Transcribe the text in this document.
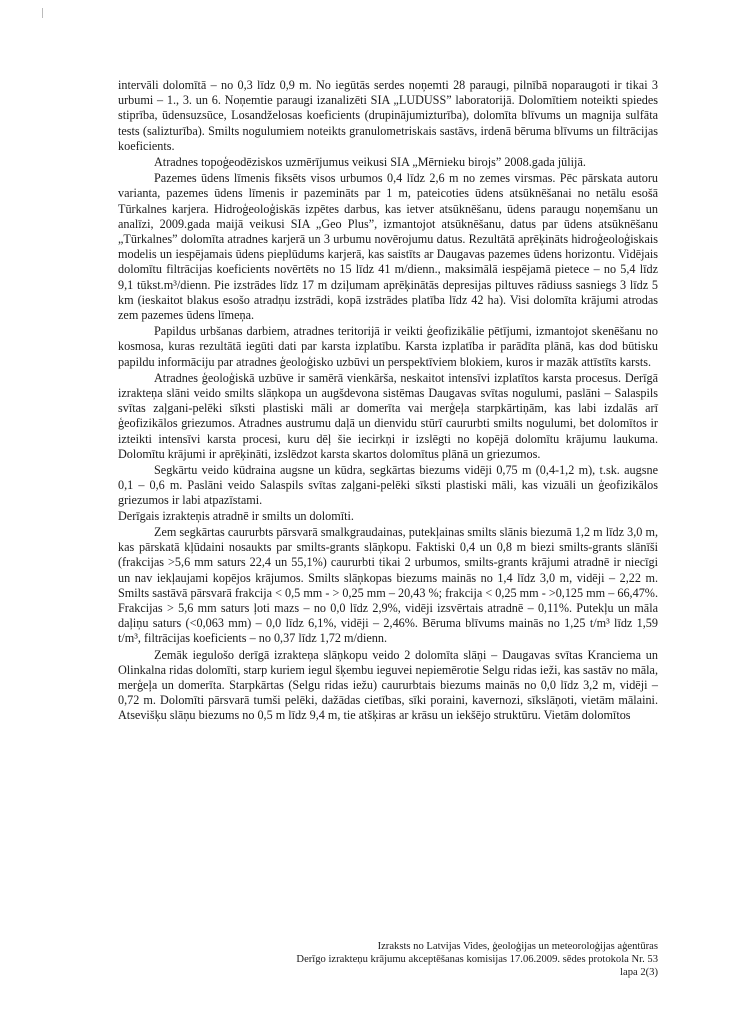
intervāli dolomītā – no 0,3 līdz 0,9 m. No iegūtās serdes noņemti 28 paraugi, pilnībā noparaugoti ir tikai 3 urbumi – 1., 3. un 6. Noņemtie paraugi izanalizēti SIA „LUDUSS” laboratorijā. Dolomītiem noteikti spiedes stiprība, ūdensuzsūce, Losandželosas koeficients (drupinājumizturība), dolomīta blīvums un magnija sulfāta tests (salizturība). Smilts nogulumiem noteikts granulometriskais sastāvs, irdenā bēruma blīvums un filtrācijas koeficients.

Atradnes topoģeodēziskos uzmērījumus veikusi SIA „Mērnieku birojs” 2008.gada jūlijā.

Pazemes ūdens līmenis fiksēts visos urbumos 0,4 līdz 2,6 m no zemes virsmas. Pēc pārskata autoru varianta, pazemes ūdens līmenis ir pazemināts par 1 m, pateicoties ūdens atsūknēšanai no netālu esošā Tūrkalnes karjera. Hidroģeoloģiskās izpētes darbus, kas ietver atsūknēšanu, ūdens paraugu noņemšanu un analīzi, 2009.gada maijā veikusi SIA „Geo Plus”, izmantojot atsūknēšanu, datus par ūdens atsūknēšanu „Tūrkalnes” dolomīta atradnes karjerā un 3 urbumu novērojumu datus. Rezultātā aprēķināts hidroģeoloģiskais modelis un iespējamais ūdens pieplūdums karjerā, kas saistīts ar Daugavas pazemes ūdens horizontu. Vidējais dolomītu filtrācijas koeficients novērtēts no 15 līdz 41 m/dienn., maksimālā iespējamā pietece – no 5,4 līdz 9,1 tūkst.m³/dienn. Pie izstrādes līdz 17 m dziļumam aprēķinātās depresijas piltuves rādiuss sasniegs 3 līdz 5 km (ieskaitot blakus esošo atradņu izstrādi, kopā izstrādes platība līdz 42 ha). Visi dolomīta krājumi atrodas zem pazemes ūdens līmeņa.

Papildus urbšanas darbiem, atradnes teritorijā ir veikti ģeofizikālie pētījumi, izmantojot skenēšanu no kosmosa, kuras rezultātā iegūti dati par karsta izplatību. Karsta izplatība ir parādīta plānā, kas dod būtisku papildu informāciju par atradnes ģeoloģisko uzbūvi un perspektīviem blokiem, kuros ir mazāk attīstīts karsts.

Atradnes ģeoloģiskā uzbūve ir samērā vienkārša, neskaitot intensīvi izplatītos karsta procesus. Derīgā izrakteņa slāni veido smilts slāņkopa un augšdevona sistēmas Daugavas svītas nogulumi, paslāni – Salaspils svītas zaļgani-pelēki sīksti plastiski māli ar domerīta vai merģeļa starpkārtiņām, kas labi izdalās arī ģeofizikālos griezumos. Atradnes austrumu daļā un dienvidu stūrī caururbti smilts nogulumi, bet dolomītos ir izteikti intensīvi karsta procesi, kuru dēļ šie iecirkņi ir izslēgti no kopējā dolomītu krājumu laukuma. Dolomītu krājumi ir aprēķināti, izslēdzot karsta skartos dolomītus plānā un griezumos.

Segkārtu veido kūdraina augsne un kūdra, segkārtas biezums vidēji 0,75 m (0,4-1,2 m), t.sk. augsne 0,1 – 0,6 m. Paslāni veido Salaspils svītas zaļgani-pelēki sīksti plastiski māli, kas vizuāli un ģeofizikālos griezumos ir labi atpazīstami.

Derīgais izrakteņis atradnē ir smilts un dolomīti.

Zem segkārtas caururbts pārsvarā smalkgraudainas, putekļainas smilts slānis biezumā 1,2 m līdz 3,0 m, kas pārskatā kļūdaini nosaukts par smilts-grants slāņkopu. Faktiski 0,4 un 0,8 m biezi smilts-grants slānīši (frakcijas >5,6 mm saturs 22,4 un 55,1%) caururbti tikai 2 urbumos, smilts-grants krājumi atradnē ir niecīgi un nav iekļaujami kopējos krājumos. Smilts slāņkopas biezums mainās no 1,4 līdz 3,0 m, vidēji – 2,22 m. Smilts sastāvā pārsvarā frakcija < 0,5 mm - > 0,25 mm – 20,43 %; frakcija < 0,25 mm - >0,125 mm – 66,47%. Frakcijas > 5,6 mm saturs ļoti mazs – no 0,0 līdz 2,9%, vidēji izsvērtais atradnē – 0,11%. Putekļu un māla daļiņu saturs (<0,063 mm) – 0,0 līdz 6,1%, vidēji – 2,46%. Bēruma blīvums mainās no 1,25 t/m³ līdz 1,59 t/m³, filtrācijas koeficients – no 0,37 līdz 1,72 m/dienn.

Zemāk iegulošo derīgā izrakteņa slāņkopu veido 2 dolomīta slāņi – Daugavas svītas Kranciema un Olinkalna ridas dolomīti, starp kuriem iegul šķembu ieguvei nepiemērotie Selgu ridas ieži, kas sastāv no māla, merģeļa un domerīta. Starpkārtas (Selgu ridas iežu) caururbtais biezums mainās no 0,0 līdz 3,2 m, vidēji – 0,72 m. Dolomīti pārsvarā tumši pelēki, dažādas cietības, sīki poraini, kavernozi, sīkslāņoti, vietām mālaini. Atsevišķu slāņu biezums no 0,5 m līdz 9,4 m, tie atšķiras ar krāsu un iekšējo struktūru. Vietām dolomītos

Izraksts no Latvijas Vides, ģeoloģijas un meteoroloģijas aģentūras
Derīgo izrakteņu krājumu akceptēšanas komisijas 17.06.2009. sēdes protokola Nr. 53
lapa 2(3)
